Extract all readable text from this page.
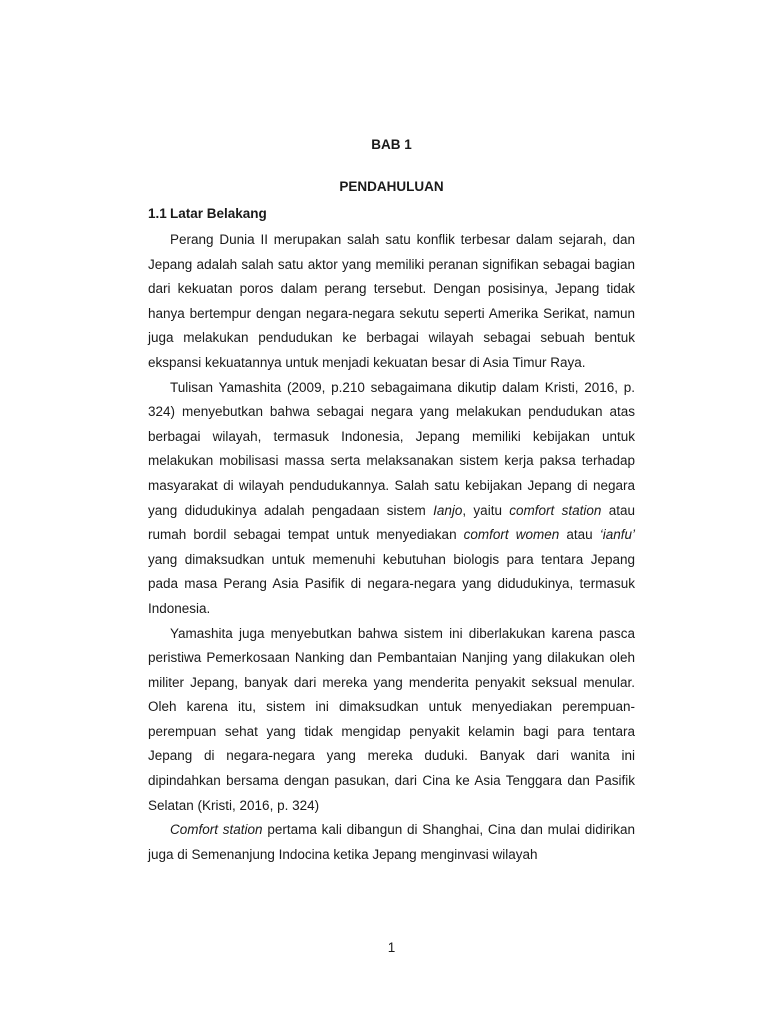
BAB 1
PENDAHULUAN
1.1 Latar Belakang

Perang Dunia II merupakan salah satu konflik terbesar dalam sejarah, dan Jepang adalah salah satu aktor yang memiliki peranan signifikan sebagai bagian dari kekuatan poros dalam perang tersebut. Dengan posisinya, Jepang tidak hanya bertempur dengan negara-negara sekutu seperti Amerika Serikat, namun juga melakukan pendudukan ke berbagai wilayah sebagai sebuah bentuk ekspansi kekuatannya untuk menjadi kekuatan besar di Asia Timur Raya.

Tulisan Yamashita (2009, p.210 sebagaimana dikutip dalam Kristi, 2016, p. 324) menyebutkan bahwa sebagai negara yang melakukan pendudukan atas berbagai wilayah, termasuk Indonesia, Jepang memiliki kebijakan untuk melakukan mobilisasi massa serta melaksanakan sistem kerja paksa terhadap masyarakat di wilayah pendudukannya. Salah satu kebijakan Jepang di negara yang didudukinya adalah pengadaan sistem Ianjo, yaitu comfort station atau rumah bordil sebagai tempat untuk menyediakan comfort women atau ‘ianfu’ yang dimaksudkan untuk memenuhi kebutuhan biologis para tentara Jepang pada masa Perang Asia Pasifik di negara-negara yang didudukinya, termasuk Indonesia.

Yamashita juga menyebutkan bahwa sistem ini diberlakukan karena pasca peristiwa Pemerkosaan Nanking dan Pembantaian Nanjing yang dilakukan oleh militer Jepang, banyak dari mereka yang menderita penyakit seksual menular. Oleh karena itu, sistem ini dimaksudkan untuk menyediakan perempuan-perempuan sehat yang tidak mengidap penyakit kelamin bagi para tentara Jepang di negara-negara yang mereka duduki. Banyak dari wanita ini dipindahkan bersama dengan pasukan, dari Cina ke Asia Tenggara dan Pasifik Selatan (Kristi, 2016, p. 324)

Comfort station pertama kali dibangun di Shanghai, Cina dan mulai didirikan juga di Semenanjung Indocina ketika Jepang menginvasi wilayah

1
